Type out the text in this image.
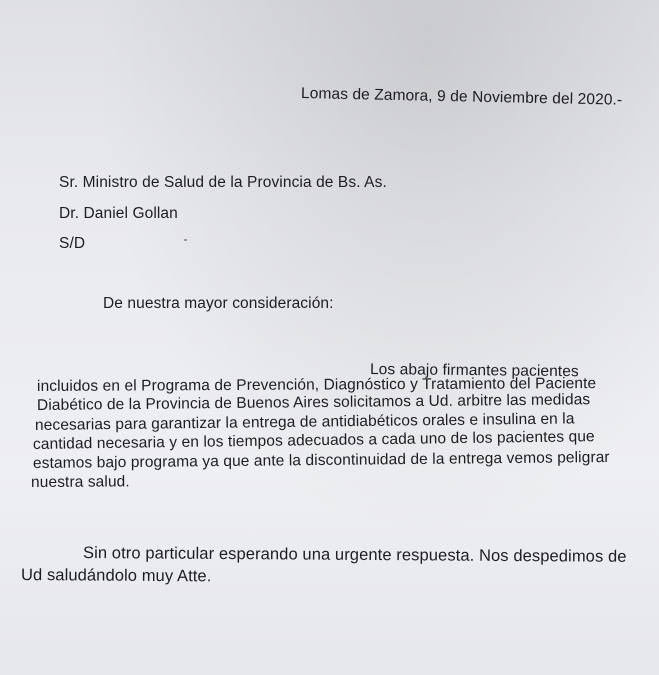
Lomas de Zamora, 9 de Noviembre del 2020.-
Sr. Ministro de Salud de la Provincia de Bs. As.
Dr. Daniel Gollan
S/D
De nuestra mayor consideración:
Los abajo firmantes pacientes
incluidos en el Programa de Prevención, Diagnóstico y Tratamiento del Paciente
Diabético de la Provincia de Buenos Aires solicitamos a Ud. arbitre las medidas
necesarias para garantizar la entrega de antidiabéticos orales e insulina en la
cantidad necesaria y en los tiempos adecuados a cada uno de los pacientes que
estamos bajo programa ya que ante la discontinuidad de la entrega vemos peligrar
nuestra salud.
Sin otro particular esperando una urgente respuesta. Nos despedimos de
Ud saludándolo muy Atte.
